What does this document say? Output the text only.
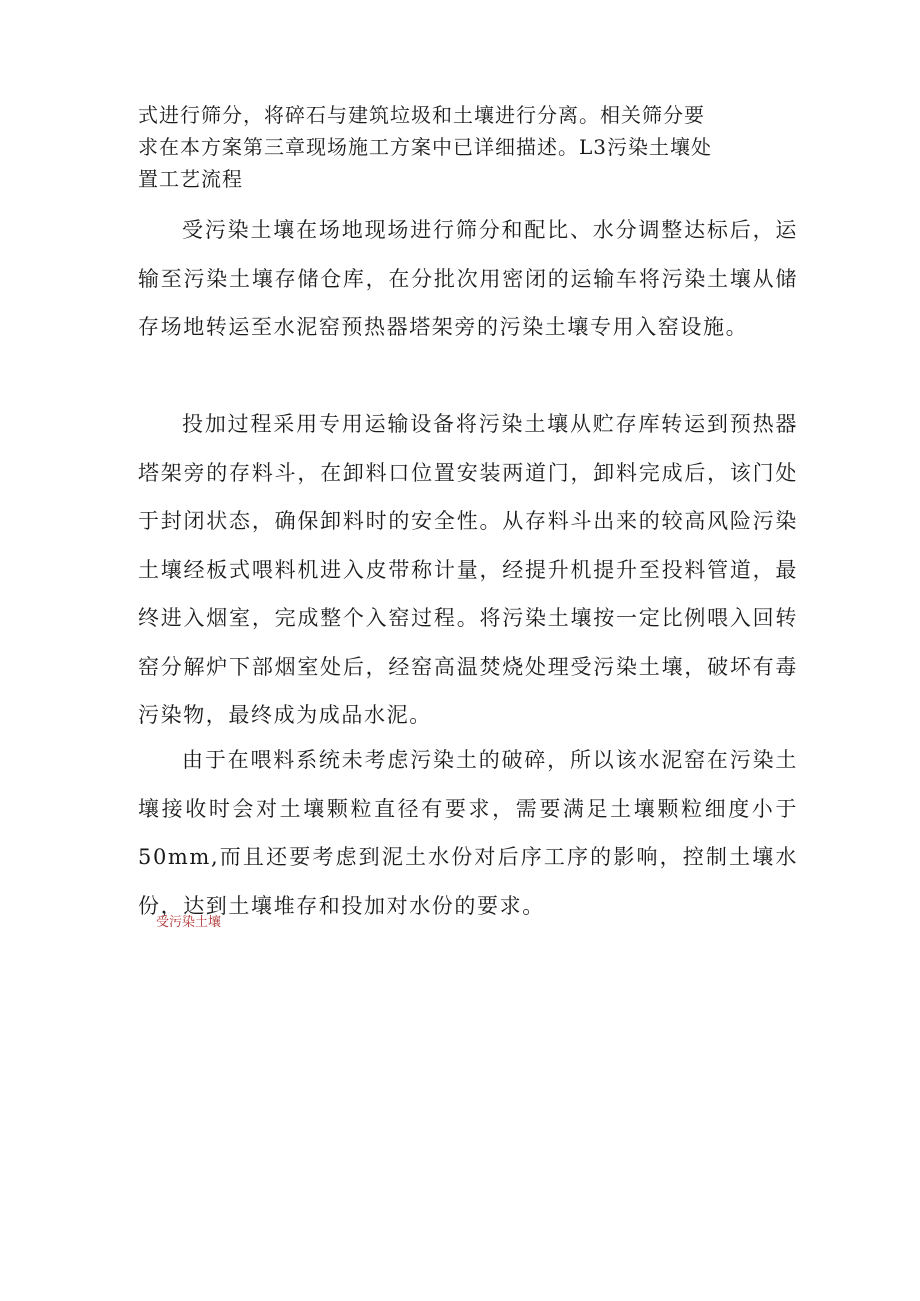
式进行筛分，将碎石与建筑垃圾和土壤进行分离。相关筛分要
求在本方案第三章现场施工方案中已详细描述。L3污染土壤处
置工艺流程

受污染土壤在场地现场进行筛分和配比、水分调整达标后，运输至污染土壤存储仓库，在分批次用密闭的运输车将污染土壤从储存场地转运至水泥窑预热器塔架旁的污染土壤专用入窑设施。

投加过程采用专用运输设备将污染土壤从贮存库转运到预热器塔架旁的存料斗，在卸料口位置安装两道门，卸料完成后，该门处于封闭状态，确保卸料时的安全性。从存料斗出来的较高风险污染土壤经板式喂料机进入皮带称计量，经提升机提升至投料管道，最终进入烟室，完成整个入窑过程。将污染土壤按一定比例喂入回转窑分解炉下部烟室处后，经窑高温焚烧处理受污染土壤，破坏有毒污染物，最终成为成品水泥。

由于在喂料系统未考虑污染土的破碎，所以该水泥窑在污染土壤接收时会对土壤颗粒直径有要求，需要满足土壤颗粒细度小于50mm,而且还要考虑到泥土水份对后序工序的影响，控制土壤水份，达到土壤堆存和投加对水份的要求。

受污染土壤
